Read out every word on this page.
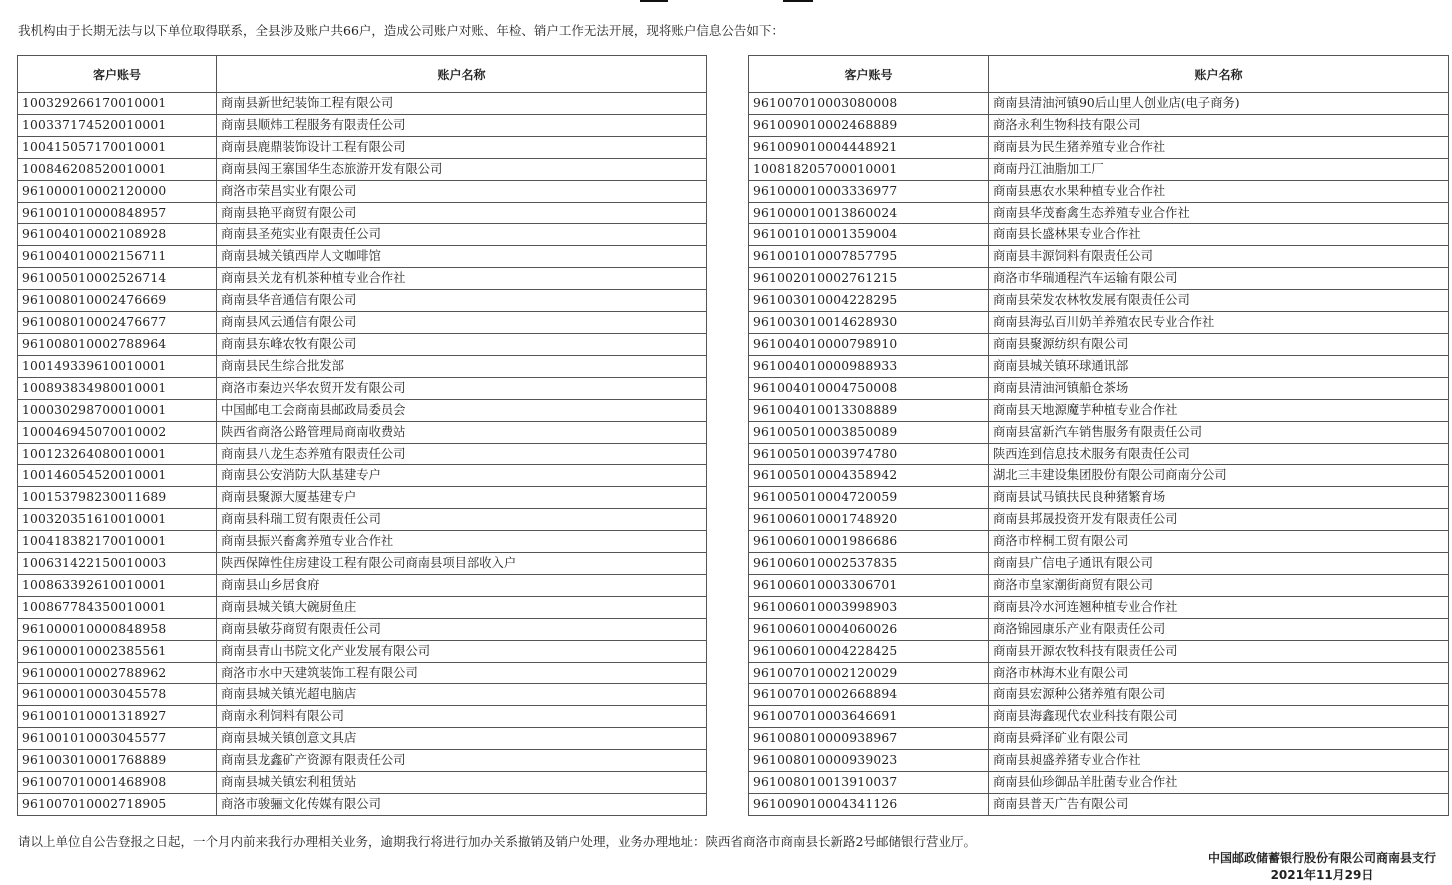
我机构由于长期无法与以下单位取得联系，全县涉及账户共66户，造成公司账户对账、年检、销户工作无法开展，现将账户信息公告如下：
客户账号	账户名称
100329266170010001	商南县新世纪装饰工程有限公司
100337174520010001	商南县顺炜工程服务有限责任公司
100415057170010001	商南县鹿鼎装饰设计工程有限公司
100846208520010001	商南县闯王寨国华生态旅游开发有限公司
961000010002120000	商洛市荣昌实业有限公司
961001010000848957	商南县艳平商贸有限公司
961004010002108928	商南县圣苑实业有限责任公司
961004010002156711	商南县城关镇西岸人文咖啡馆
961005010002526714	商南县关龙有机茶种植专业合作社
961008010002476669	商南县华音通信有限公司
961008010002476677	商南县风云通信有限公司
961008010002788964	商南县东峰农牧有限公司
100149339610010001	商南县民生综合批发部
100893834980010001	商洛市秦边兴华农贸开发有限公司
100030298700010001	中国邮电工会商南县邮政局委员会
100046945070010002	陕西省商洛公路管理局商南收费站
100123264080010001	商南县八龙生态养殖有限责任公司
100146054520010001	商南县公安消防大队基建专户
100153798230011689	商南县聚源大厦基建专户
100320351610010001	商南县科瑞工贸有限责任公司
100418382170010001	商南县振兴畜禽养殖专业合作社
100631422150010003	陕西保障性住房建设工程有限公司商南县项目部收入户
100863392610010001	商南县山乡居食府
100867784350010001	商南县城关镇大碗厨鱼庄
961000010000848958	商南县敏芬商贸有限责任公司
961000010002385561	商南县青山书院文化产业发展有限公司
961000010002788962	商洛市水中天建筑装饰工程有限公司
961000010003045578	商南县城关镇光超电脑店
961001010001318927	商南永利饲料有限公司
961001010003045577	商南县城关镇创意文具店
961003010001768889	商南县龙鑫矿产资源有限责任公司
961007010001468908	商南县城关镇宏利租赁站
961007010002718905	商洛市骏骊文化传媒有限公司
客户账号	账户名称
961007010003080008	商南县清油河镇90后山里人创业店(电子商务)
961009010002468889	商洛永利生物科技有限公司
961009010004448921	商南县为民生猪养殖专业合作社
100818205700010001	商南丹江油脂加工厂
961000010003336977	商南县惠农水果种植专业合作社
961000010013860024	商南县华茂畜禽生态养殖专业合作社
961001010001359004	商南县长盛林果专业合作社
961001010007857795	商南县丰源饲料有限责任公司
961002010002761215	商洛市华瑞通程汽车运输有限公司
961003010004228295	商南县荣发农林牧发展有限责任公司
961003010014628930	商南县海弘百川奶羊养殖农民专业合作社
961004010000798910	商南县聚源纺织有限公司
961004010000988933	商南县城关镇环球通讯部
961004010004750008	商南县清油河镇船仓茶场
961004010013308889	商南县天地源魔芋种植专业合作社
961005010003850089	商南县富新汽车销售服务有限责任公司
961005010003974780	陕西连到信息技术服务有限责任公司
961005010004358942	湖北三丰建设集团股份有限公司商南分公司
961005010004720059	商南县试马镇扶民良种猪繁育场
961006010001748920	商南县邦晟投资开发有限责任公司
961006010001986686	商洛市梓桐工贸有限公司
961006010002537835	商南县广信电子通讯有限公司
961006010003306701	商洛市皇家潮街商贸有限公司
961006010003998903	商南县冷水河连翘种植专业合作社
961006010004060026	商洛锦园康乐产业有限责任公司
961006010004228425	商南县开源农牧科技有限责任公司
961007010002120029	商洛市林海木业有限公司
961007010002668894	商南县宏源种公猪养殖有限公司
961007010003646691	商南县海鑫现代农业科技有限公司
961008010000938967	商南县舜泽矿业有限公司
961008010000939023	商南县昶盛养猪专业合作社
961008010013910037	商南县仙珍御品羊肚菌专业合作社
961009010004341126	商南县普天广告有限公司
请以上单位自公告登报之日起，一个月内前来我行办理相关业务，逾期我行将进行加办关系撤销及销户处理，业务办理地址：陕西省商洛市商南县长新路2号邮储银行营业厅。
中国邮政储蓄银行股份有限公司商南县支行
2021年11月29日
